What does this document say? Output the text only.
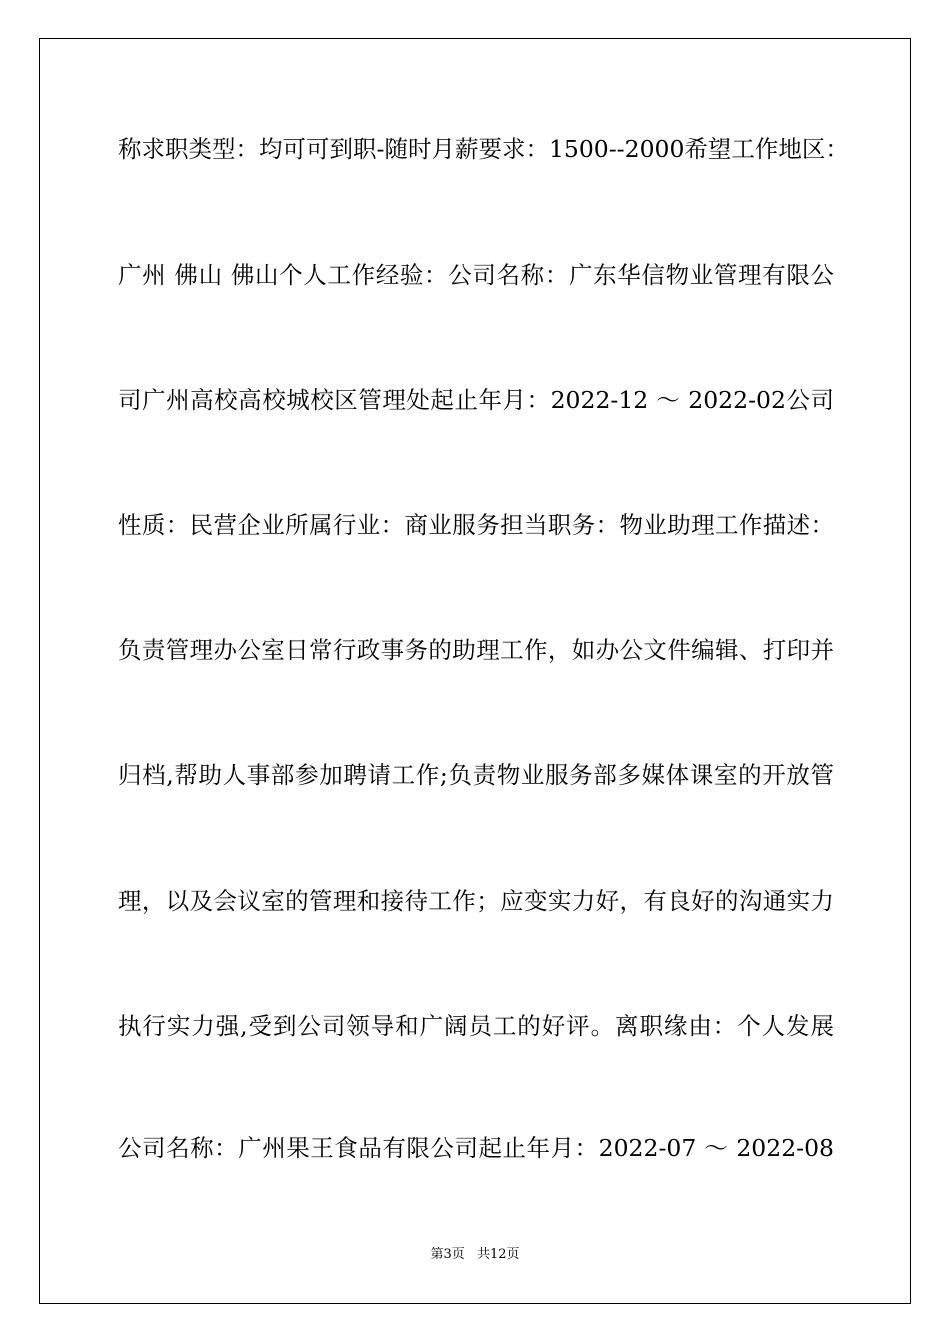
称求职类型：均可可到职-随时月薪要求：1500--2000希望工作地区：
广州 佛山 佛山个人工作经验：公司名称：广东华信物业管理有限公
司广州高校高校城校区管理处起止年月：2022-12 ～ 2022-02公司
性质：民营企业所属行业：商业服务担当职务：物业助理工作描述：
负责管理办公室日常行政事务的助理工作，如办公文件编辑、打印并
归档,帮助人事部参加聘请工作;负责物业服务部多媒体课室的开放管
理，以及会议室的管理和接待工作；应变实力好，有良好的沟通实力
执行实力强,受到公司领导和广阔员工的好评。离职缘由：个人发展
公司名称：广州果王食品有限公司起止年月：2022-07 ～ 2022-08
第3页 共12页
